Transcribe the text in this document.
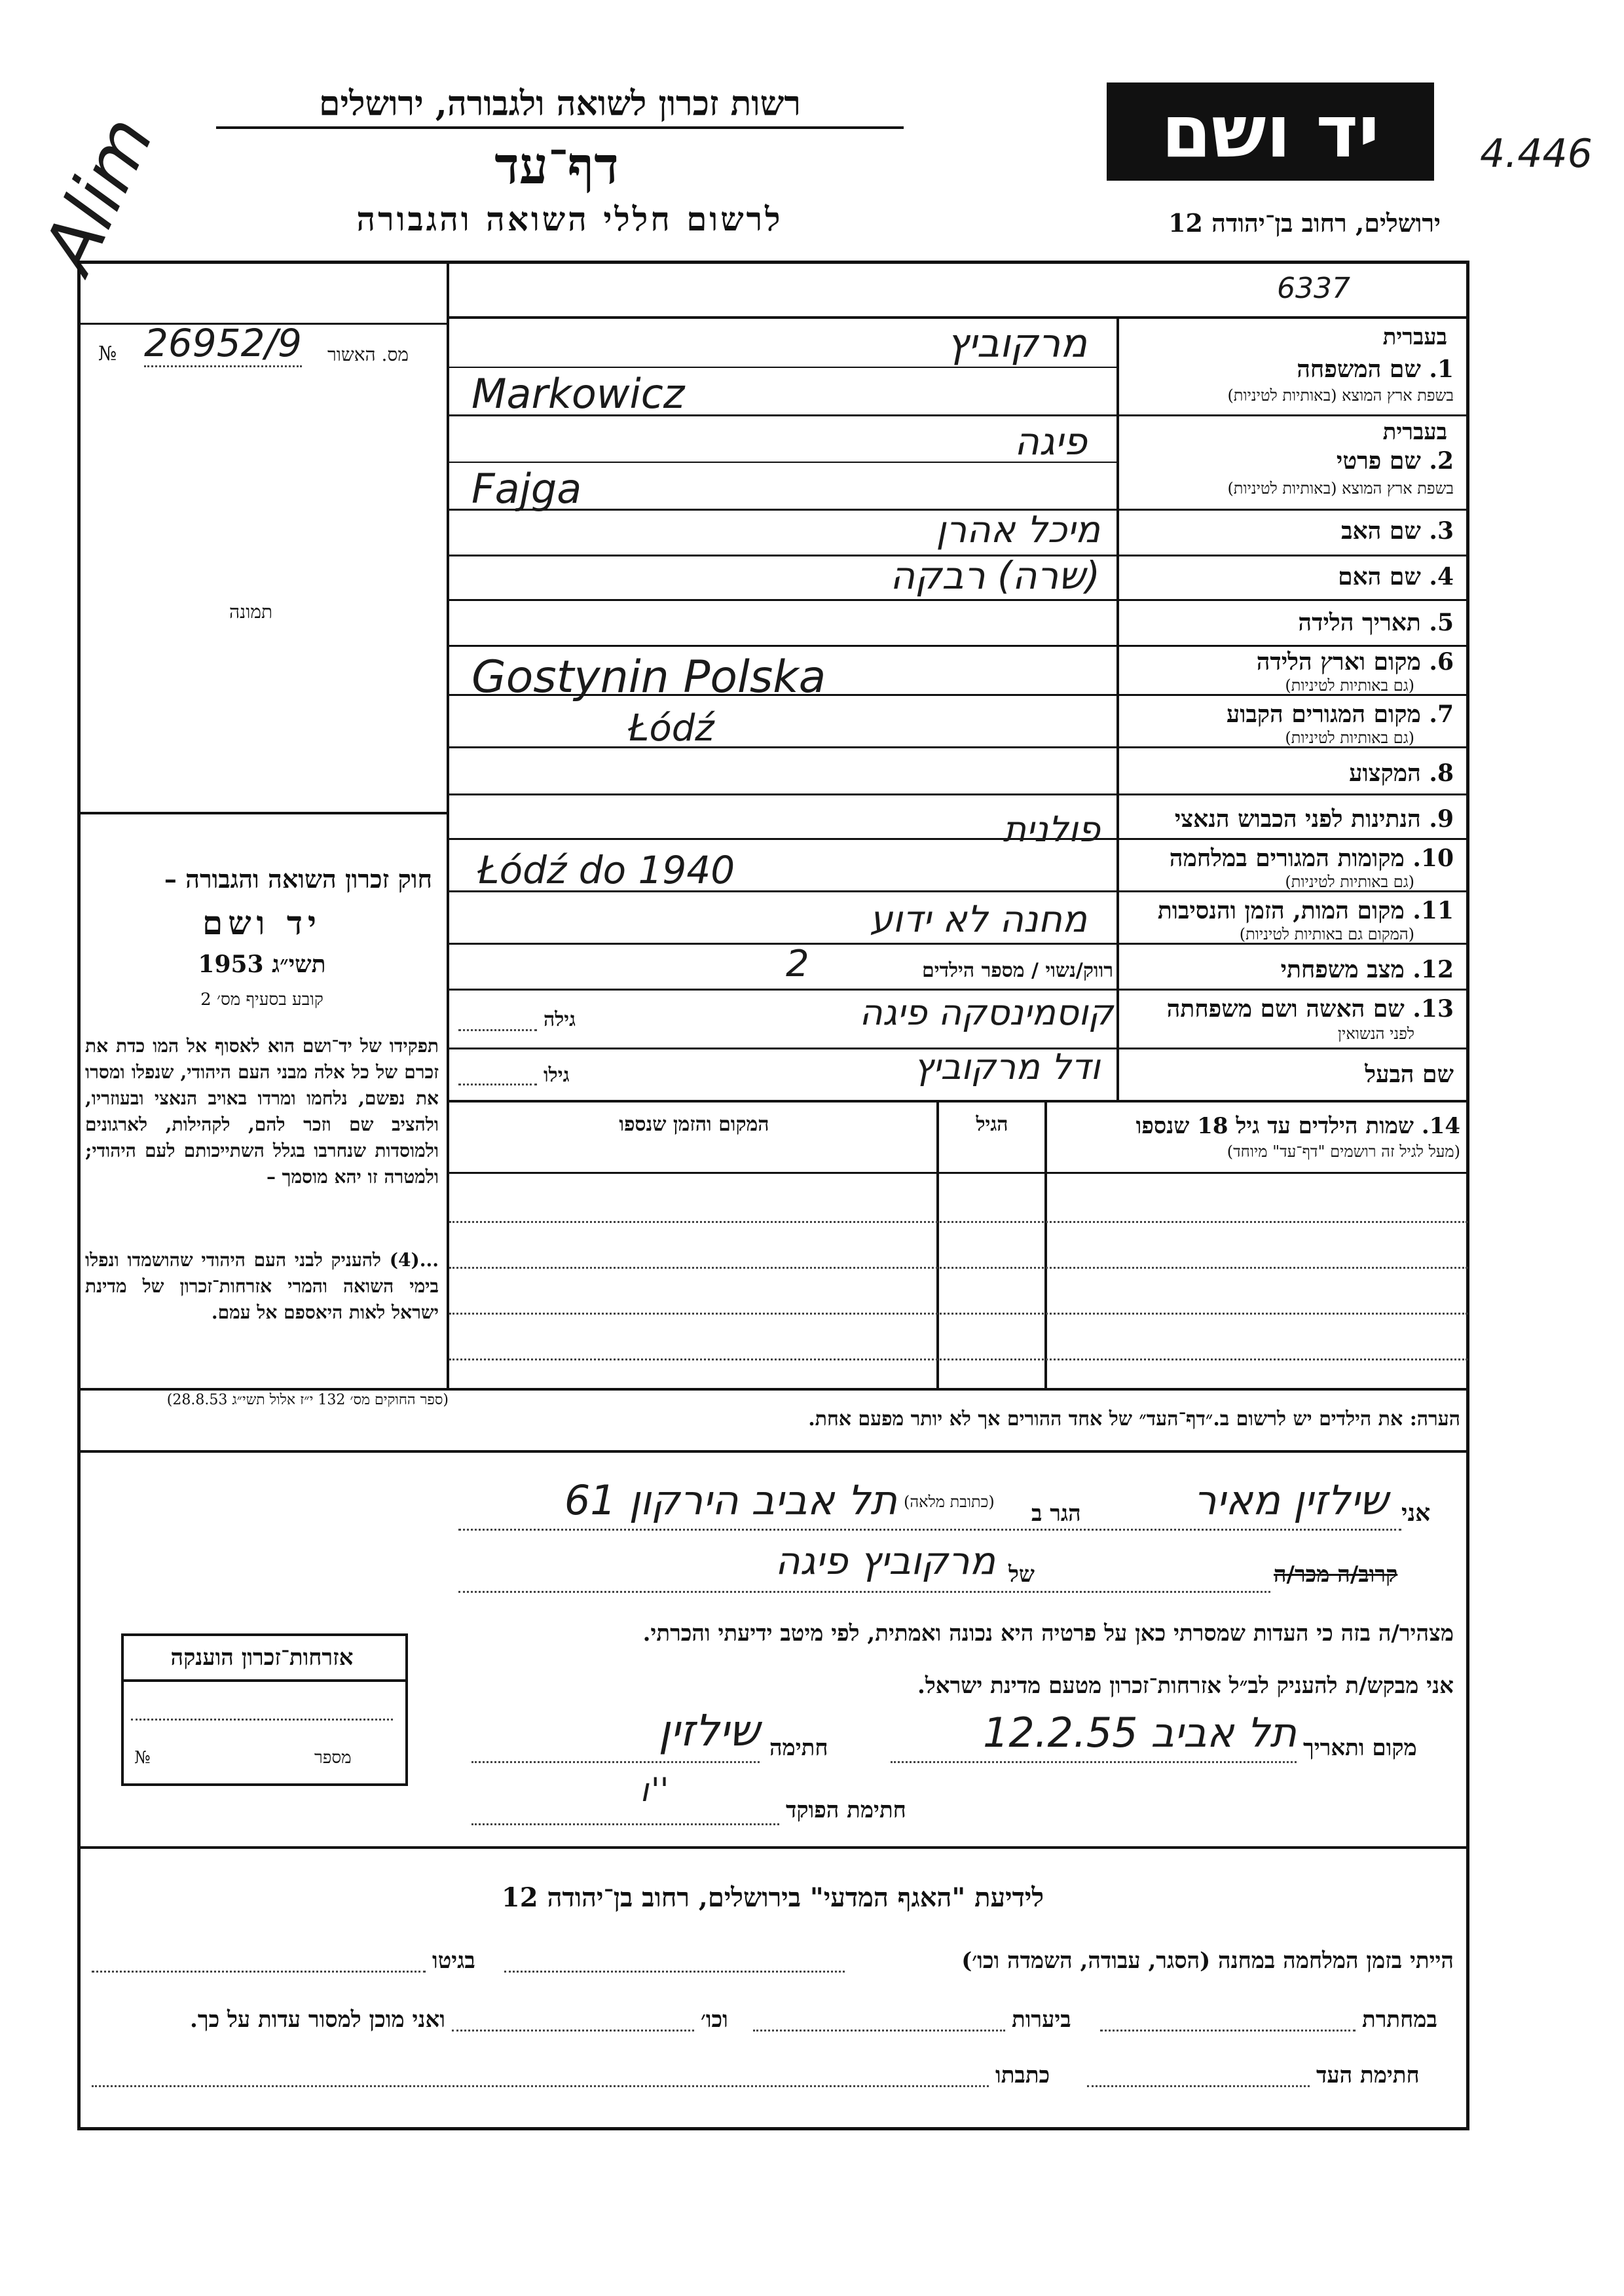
Alim
רשות זכרון לשואה ולגבורה, ירושלים
דף־עד
לרשום חללי השואה והגבורה
יד ושם
ירושלים, רחוב בן־יהודה 12
4.446
6337
№ 26952/9 מס. האשור
תמונה
חוק זכרון השואה והגבורה –
יד ושם
תשי״ג 1953
קובע בסעיף מס׳ 2
תפקידו של יד־ושם הוא לאסוף אל המו כדת את זכרם של כל אלה מבני העם היהודי, שנפלו ומסרו את נפשם, נלחמו ומרדו באויב הנאצי ובעוזריו, ולהציב שם וזכר להם, לקהילות, לארגונים ולמוסדות שנחרבו בגלל השתייכותם לעם היהודי; ולמטרה זו יהא מוסמך –
...(4) להעניק לבני העם היהודי שהושמדו ונפלו בימי השואה והמרי אזרחות־זכרון של מדינת ישראל לאות היאספם אל עמם.
(ספר החוקים מס׳ 132 י״ז אלול תשי״ג 28.8.53)
בעברית
1. שם המשפחה
בשפת ארץ המוצא (באותיות לטיניות)
מרקוביץ
Markowicz
בעברית
2. שם פרטי
בשפת ארץ המוצא (באותיות לטיניות)
פיגה
Fajga
3. שם האב
מיכל אהרן
4. שם האם
(שרה) רבקה
5. תאריך הלידה
6. מקום וארץ הלידה
(גם באותיות לטיניות)
Gostynin Polska
7. מקום המגורים הקבוע
(גם באותיות לטיניות)
Łódź
8. המקצוע
9. הנתינות לפני הכבוש הנאצי
פולנית
10. מקומות המגורים במלחמה
(גם באותיות לטיניות)
Łódź do 1940
11. מקום המות, הזמן והנסיבות
(המקום גם באותיות לטיניות)
מחנה לא ידוע
12. מצב משפחתי
רווק/נשוי / מספר הילדים
2
13. שם האשה ושם משפחתה
לפני הנשואין
קוסמינסקה פיגה
גילה
שם הבעל
ודל מרקוביץ
גילו
14. שמות הילדים עד גיל 18 שנספו
(מעל לגיל זה רושמים "דף־עד" מיוחד)
הגיל
המקום והזמן שנספו
הערה: את הילדים יש לרשום ב.״דף־העד״ של אחד ההורים אך לא יותר מפעם אחת.
אני
שילזין מאיר
הגר ב
(כתובת מלאה)
תל אביב הירקון 61
קרוב/ה מכר/ה
של
מרקוביץ פיגה
מצהיר/ה בזה כי העדות שמסרתי כאן על פרטיה היא נכונה ואמתית, לפי מיטב ידיעתי והכרתי.
אני מבקש/ת להעניק לב״ל אזרחות־זכרון מטעם מדינת ישראל.
מקום ותאריך
תל אביב 12.2.55
חתימה
שילזין
חתימת הפוקד
ı''
אזרחות־זכרון הוענקה
מספר
№
לידיעת "האגף המדעי" בירושלים, רחוב בן־יהודה 12
הייתי בזמן המלחמה במחנה (הסגר, עבודה, השמדה וכו׳)
בגיטו
במחתרת
ביערות
וכו׳
ואני מוכן למסור עדות על כך.
חתימת העד
כתבתו
